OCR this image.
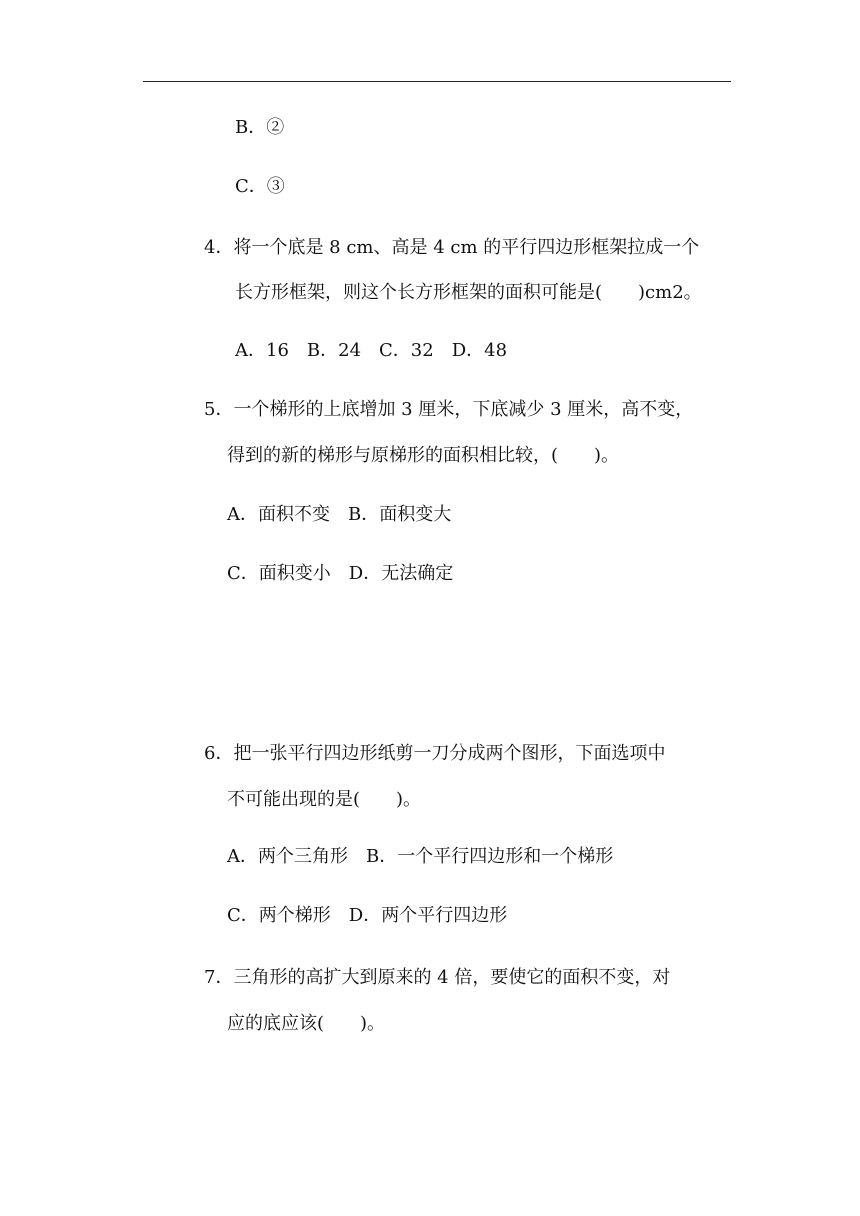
B．②
C．③
4．将一个底是 8 cm、高是 4 cm 的平行四边形框架拉成一个
长方形框架，则这个长方形框架的面积可能是(　　)cm2。
A．16　B．24　C．32　D．48
5．一个梯形的上底增加 3 厘米，下底减少 3 厘米，高不变，
得到的新的梯形与原梯形的面积相比较，(　　)。
A．面积不变　B．面积变大
C．面积变小　D．无法确定
6．把一张平行四边形纸剪一刀分成两个图形，下面选项中
不可能出现的是(　　)。
A．两个三角形　B．一个平行四边形和一个梯形
C．两个梯形　D．两个平行四边形
7．三角形的高扩大到原来的 4 倍，要使它的面积不变，对
应的底应该(　　)。
